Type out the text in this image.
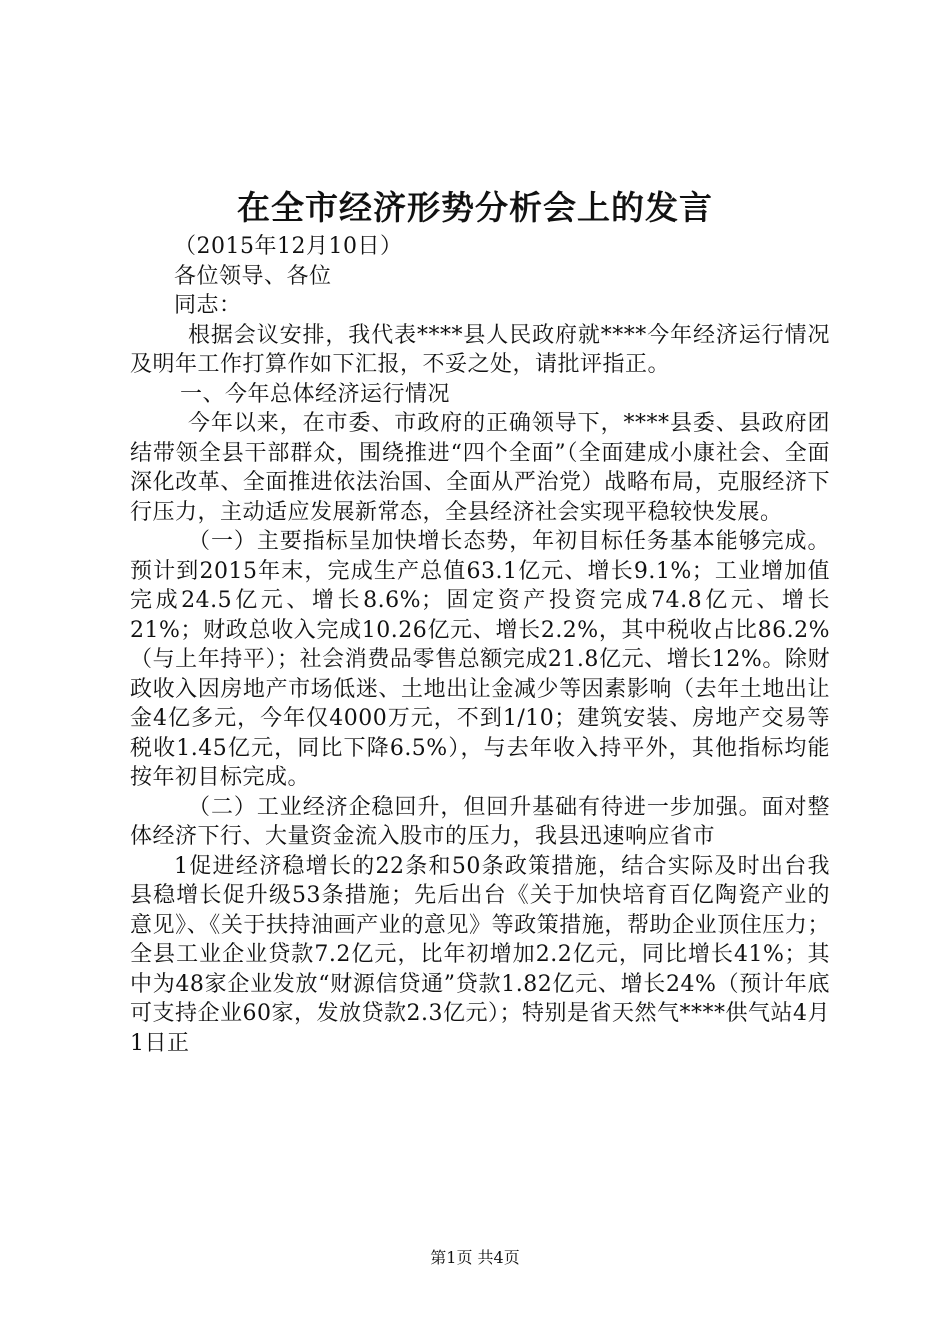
在全市经济形势分析会上的发言

（2015年12月10日）

各位领导、各位

同志：

根据会议安排，我代表****县人民政府就****今年经济运行情况及明年工作打算作如下汇报，不妥之处，请批评指正。

一、今年总体经济运行情况

今年以来，在市委、市政府的正确领导下，****县委、县政府团结带领全县干部群众，围绕推进“四个全面”（全面建成小康社会、全面深化改革、全面推进依法治国、全面从严治党）战略布局，克服经济下行压力，主动适应发展新常态，全县经济社会实现平稳较快发展。

（一）主要指标呈加快增长态势，年初目标任务基本能够完成。预计到2015年末，完成生产总值63.1亿元、增长9.1%；工业增加值完成24.5亿元、增长8.6%；固定资产投资完成74.8亿元、增长21%；财政总收入完成10.26亿元、增长2.2%，其中税收占比86.2%（与上年持平）；社会消费品零售总额完成21.8亿元、增长12%。除财政收入因房地产市场低迷、土地出让金减少等因素影响（去年土地出让金4亿多元，今年仅4000万元，不到1/10；建筑安装、房地产交易等税收1.45亿元，同比下降6.5%），与去年收入持平外，其他指标均能按年初目标完成。

（二）工业经济企稳回升，但回升基础有待进一步加强。面对整体经济下行、大量资金流入股市的压力，我县迅速响应省市

1促进经济稳增长的22条和50条政策措施，结合实际及时出台我县稳增长促升级53条措施；先后出台《关于加快培育百亿陶瓷产业的意见》、《关于扶持油画产业的意见》等政策措施，帮助企业顶住压力；全县工业企业贷款7.2亿元，比年初增加2.2亿元，同比增长41%；其中为48家企业发放“财源信贷通”贷款1.82亿元、增长24%（预计年底可支持企业60家，发放贷款2.3亿元）；特别是省天然气****供气站4月1日正

第1页 共4页
